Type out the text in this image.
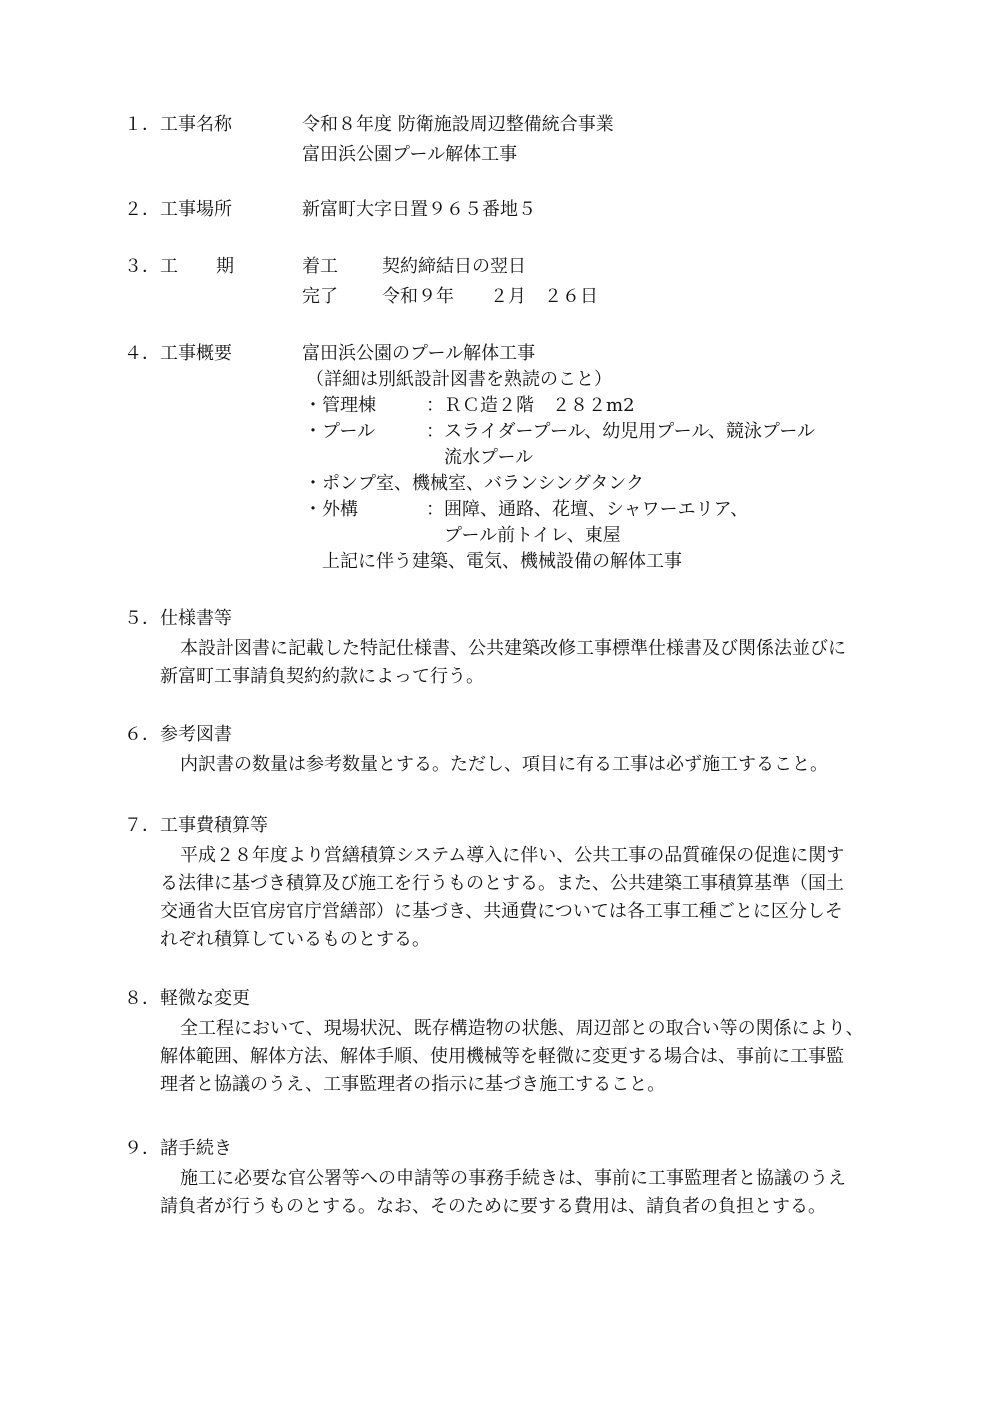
１． 工事名称	令和８年度 防衛施設周辺整備統合事業
富田浜公園プール解体工事
２． 工事場所	新富町大字日置９６５番地５
３． 工 期	着工 契約締結日の翌日
完了 令和９年　　２月　２６日
４． 工事概要	富田浜公園のプール解体工事
（詳細は別紙設計図書を熟読のこと）
・管理棟	：ＲＣ造２階　２８２m2
・プール	：スライダープール、幼児用プール、競泳プール
流水プール
・ポンプ室、機械室、バランシングタンク
・外構	：囲障、通路、花壇、シャワーエリア、
プール前トイレ、東屋
上記に伴う建築、電気、機械設備の解体工事
５． 仕様書等
本設計図書に記載した特記仕様書、公共建築改修工事標準仕様書及び関係法並びに
新富町工事請負契約約款によって行う。
６． 参考図書
内訳書の数量は参考数量とする。ただし、項目に有る工事は必ず施工すること。
７． 工事費積算等
平成２８年度より営繕積算システム導入に伴い、公共工事の品質確保の促進に関す
る法律に基づき積算及び施工を行うものとする。また、公共建築工事積算基準（国土
交通省大臣官房官庁営繕部）に基づき、共通費については各工事工種ごとに区分しそ
れぞれ積算しているものとする。
８． 軽微な変更
全工程において、現場状況、既存構造物の状態、周辺部との取合い等の関係により、
解体範囲、解体方法、解体手順、使用機械等を軽微に変更する場合は、事前に工事監
理者と協議のうえ、工事監理者の指示に基づき施工すること。
９． 諸手続き
施工に必要な官公署等への申請等の事務手続きは、事前に工事監理者と協議のうえ
請負者が行うものとする。なお、そのために要する費用は、請負者の負担とする。
